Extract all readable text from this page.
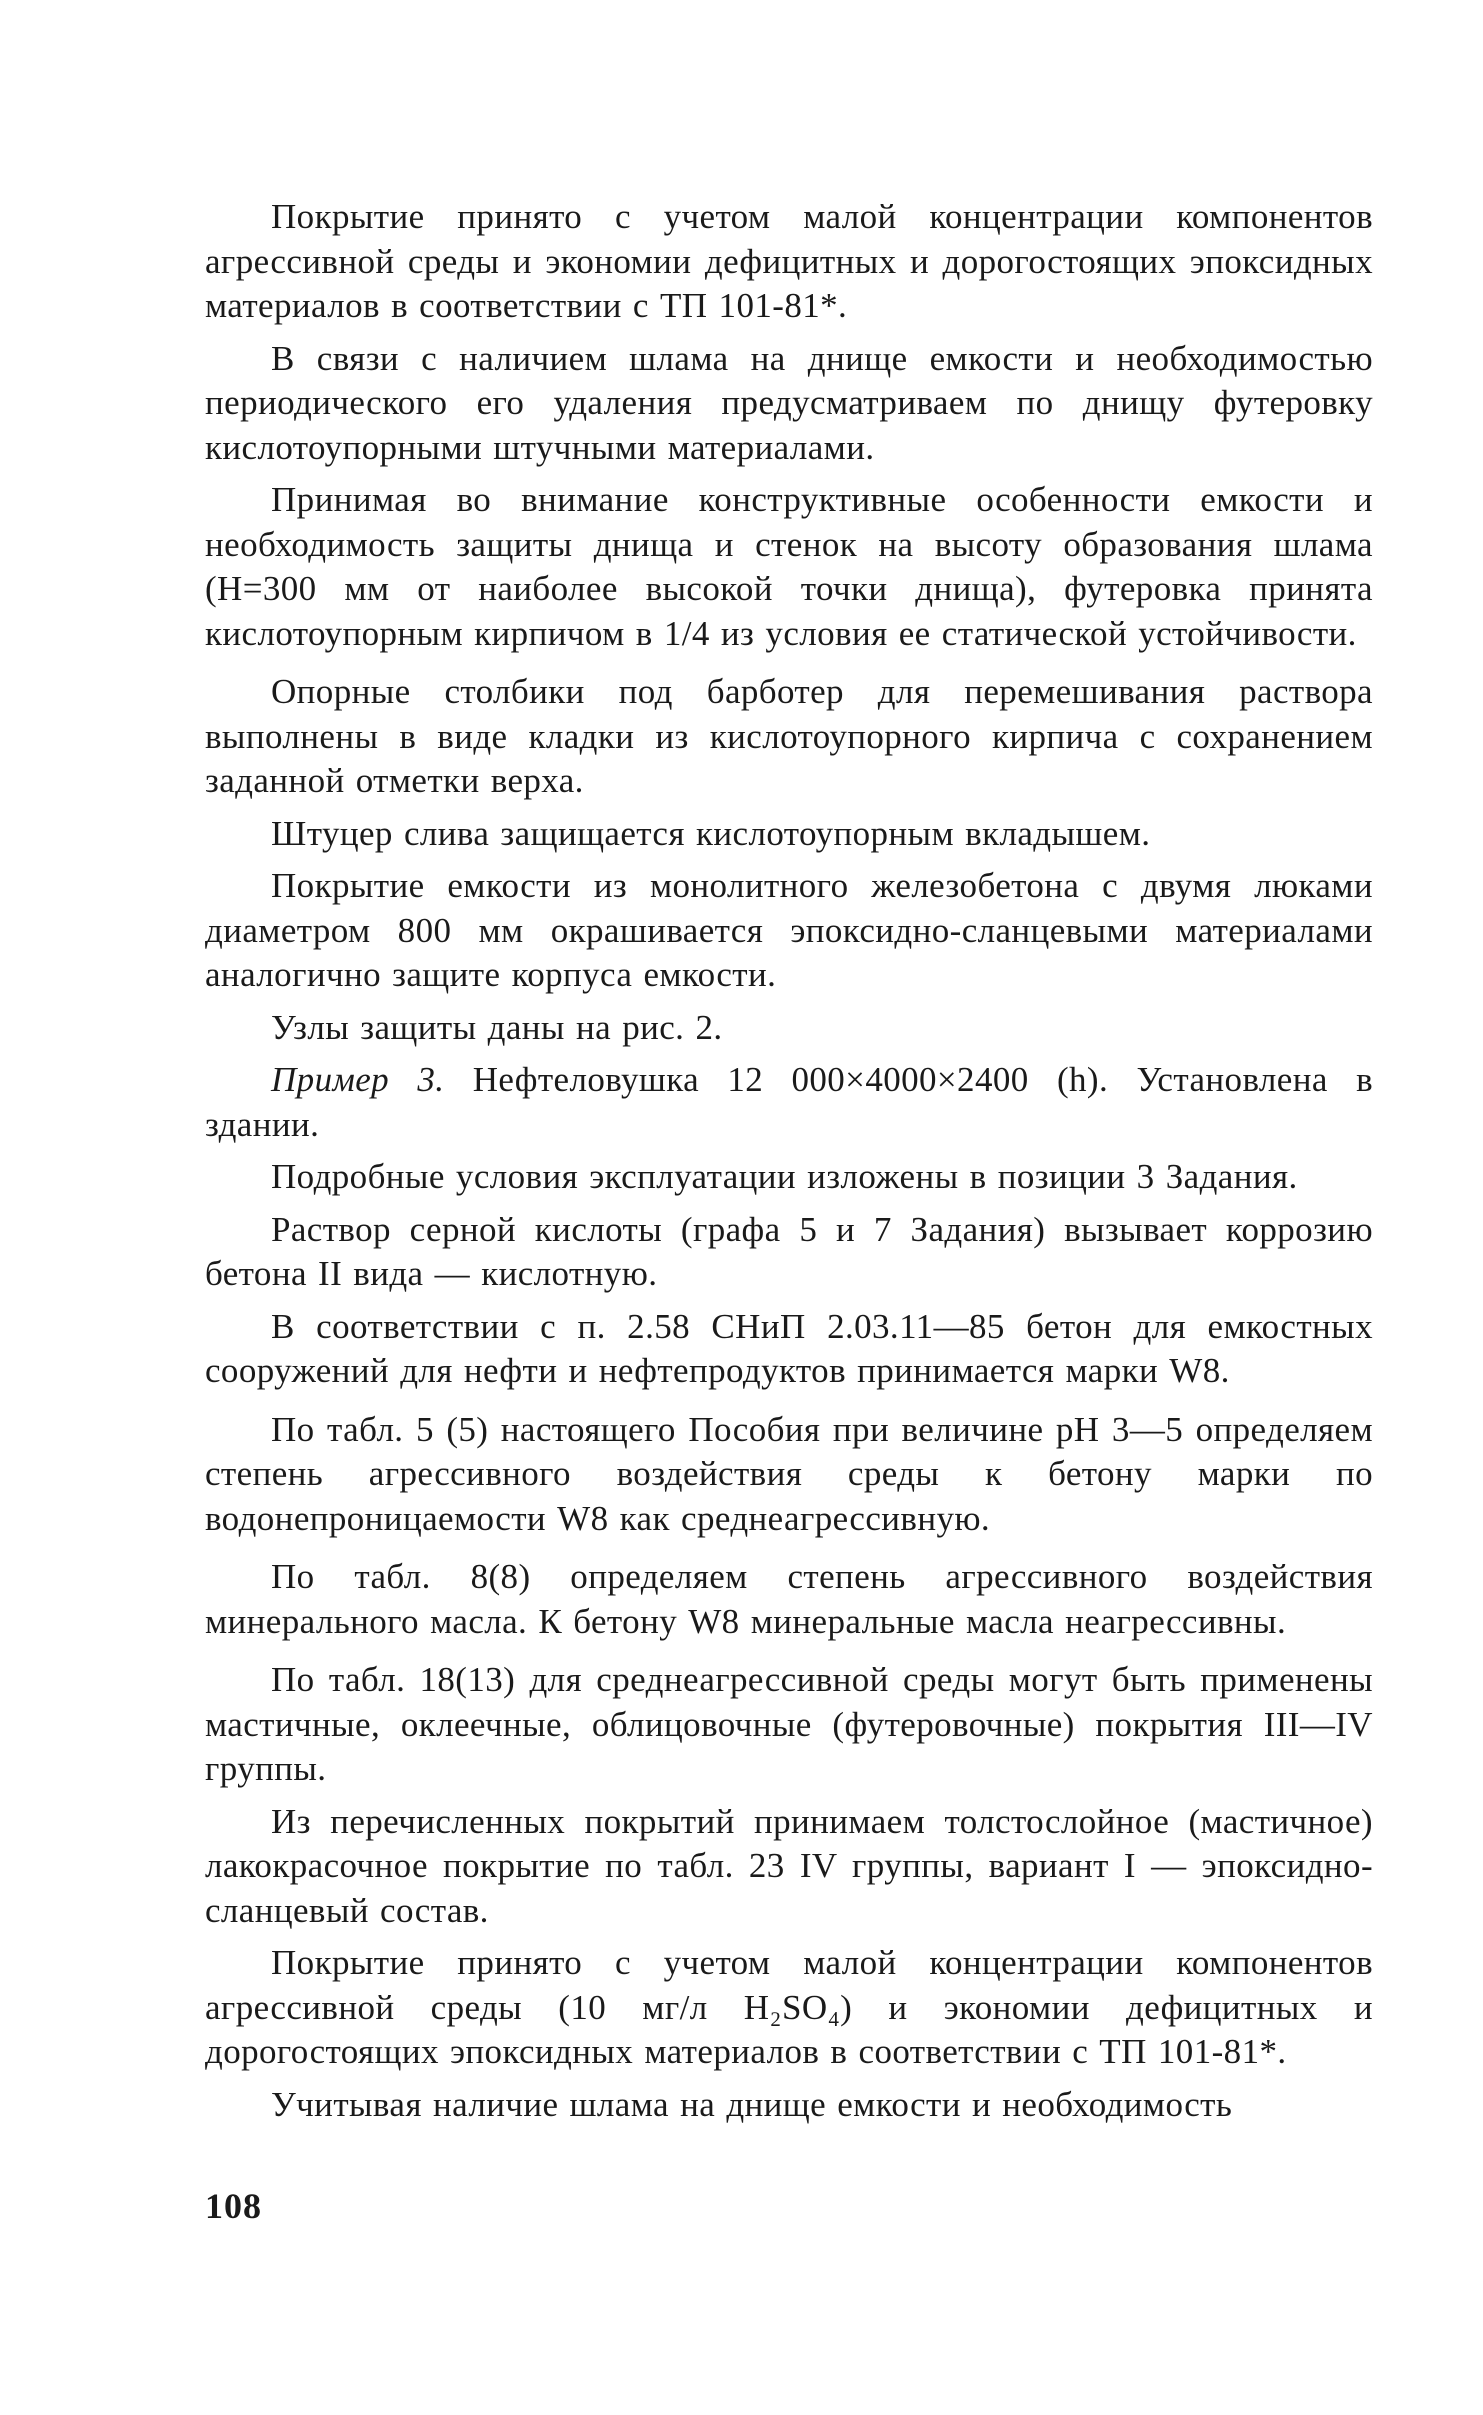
Покрытие принято с учетом малой концентрации компонентов агрессивной среды и экономии дефицитных и дорогостоящих эпоксидных материалов в соответствии с ТП 101-81*.

В связи с наличием шлама на днище емкости и необходимостью периодического его удаления предусматриваем по днищу футеровку кислотоупорными штучными материалами.

Принимая во внимание конструктивные особенности емкости и необходимость защиты днища и стенок на высоту образования шлама (H=300 мм от наиболее высокой точки днища), футеровка принята кислотоупорным кирпичом в 1/4 из условия ее статической устойчивости.

Опорные столбики под барботер для перемешивания раствора выполнены в виде кладки из кислотоупорного кирпича с сохранением заданной отметки верха.

Штуцер слива защищается кислотоупорным вкладышем.

Покрытие емкости из монолитного железобетона с двумя люками диаметром 800 мм окрашивается эпоксидно-сланцевыми материалами аналогично защите корпуса емкости.

Узлы защиты даны на рис. 2.

Пример 3. Нефтеловушка 12 000×4000×2400 (h). Установлена в здании.

Подробные условия эксплуатации изложены в позиции 3 Задания.

Раствор серной кислоты (графа 5 и 7 Задания) вызывает коррозию бетона II вида — кислотную.

В соответствии с п. 2.58 СНиП 2.03.11—85 бетон для емкостных сооружений для нефти и нефтепродуктов принимается марки W8.

По табл. 5 (5) настоящего Пособия при величине pH 3—5 определяем степень агрессивного воздействия среды к бетону марки по водонепроницаемости W8 как среднеагрессивную.

По табл. 8(8) определяем степень агрессивного воздействия минерального масла. К бетону W8 минеральные масла неагрессивны.

По табл. 18(13) для среднеагрессивной среды могут быть применены мастичные, оклеечные, облицовочные (футеровочные) покрытия III—IV группы.

Из перечисленных покрытий принимаем толстослойное (мастичное) лакокрасочное покрытие по табл. 23 IV группы, вариант I — эпоксидно-сланцевый состав.

Покрытие принято с учетом малой концентрации компонентов агрессивной среды (10 мг/л H₂SO₄) и экономии дефицитных и дорогостоящих эпоксидных материалов в соответствии с ТП 101-81*.

Учитывая наличие шлама на днище емкости и необходимость

108
